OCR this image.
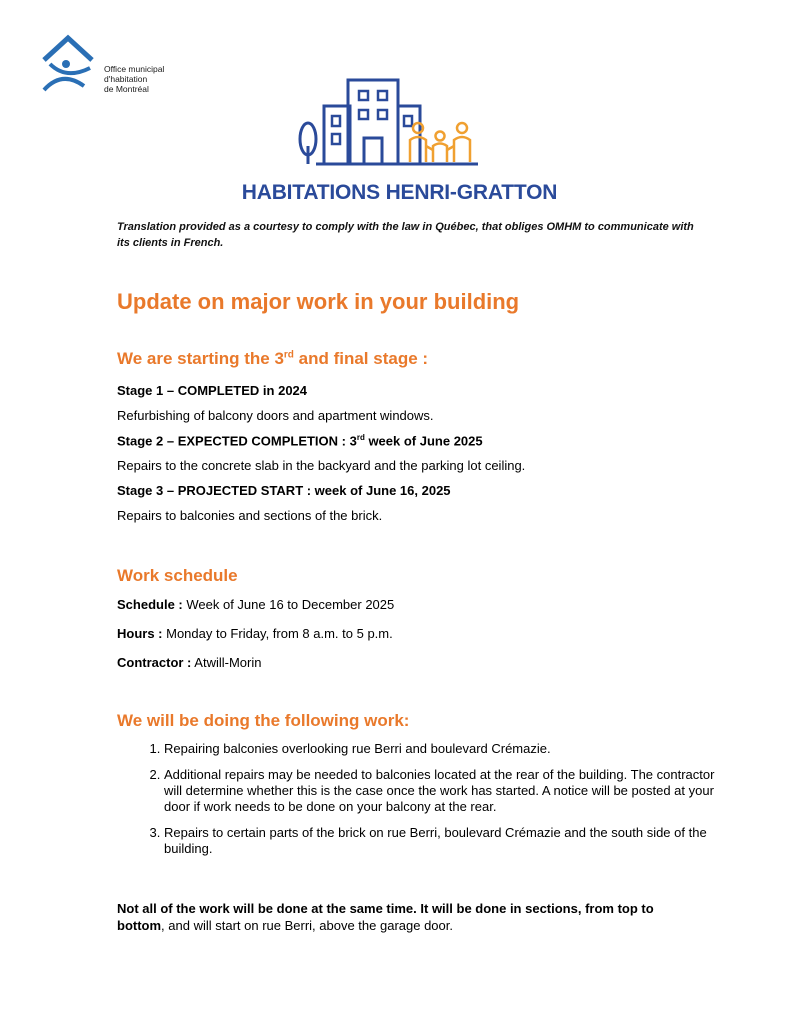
Office municipal
d'habitation
de Montréal
HABITATIONS HENRI-GRATTON
Translation provided as a courtesy to comply with the law in Québec, that obliges OMHM to communicate with its clients in French.
Update on major work in your building
We are starting the 3rd and final stage :
Stage 1 – COMPLETED in 2024
Refurbishing of balcony doors and apartment windows.
Stage 2 – EXPECTED COMPLETION : 3rd week of June 2025
Repairs to the concrete slab in the backyard and the parking lot ceiling.
Stage 3 – PROJECTED START : week of June 16, 2025
Repairs to balconies and sections of the brick.
Work schedule
Schedule : Week of June 16 to December 2025
Hours : Monday to Friday, from 8 a.m. to 5 p.m.
Contractor : Atwill-Morin
We will be doing the following work:
1. Repairing balconies overlooking rue Berri and boulevard Crémazie.
2. Additional repairs may be needed to balconies located at the rear of the building. The contractor will determine whether this is the case once the work has started. A notice will be posted at your door if work needs to be done on your balcony at the rear.
3. Repairs to certain parts of the brick on rue Berri, boulevard Crémazie and the south side of the building.
Not all of the work will be done at the same time. It will be done in sections, from top to bottom, and will start on rue Berri, above the garage door.
